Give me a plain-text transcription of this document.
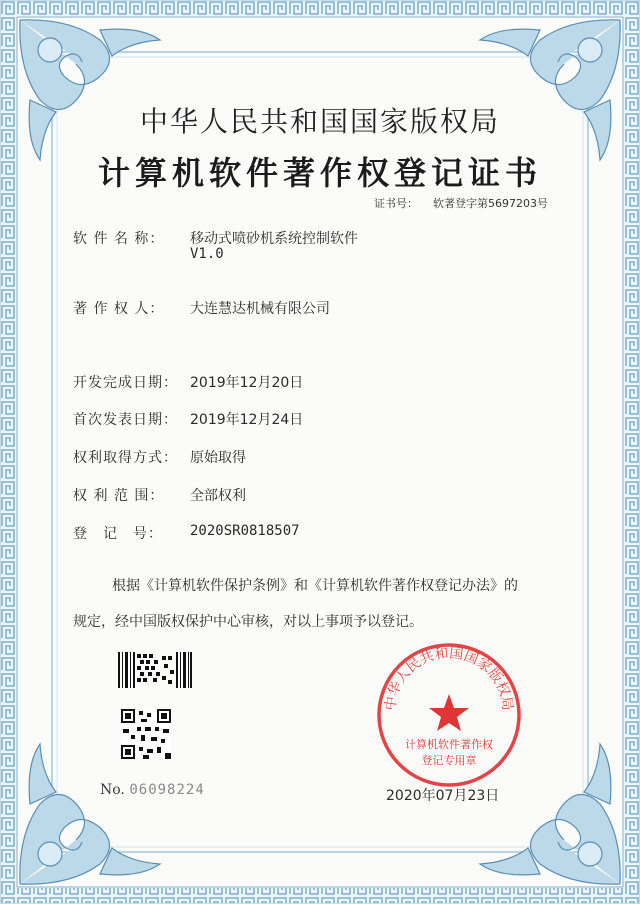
中华人民共和国国家版权局
计算机软件著作权登记证书
证书号： 软著登字第5697203号
软 件 名 称： 移动式喷砂机系统控制软件
V1.0
著 作 权 人： 大连慧达机械有限公司
开发完成日期： 2019年12月20日
首次发表日期： 2019年12月24日
权利取得方式： 原始取得
权 利 范 围： 全部权利
登　记　号： 2020SR0818507
根据《计算机软件保护条例》和《计算机软件著作权登记办法》的
规定，经中国版权保护中心审核，对以上事项予以登记。
No. 06098224
中华人民共和国国家版权局
计算机软件著作权
登记专用章
2020年07月23日
